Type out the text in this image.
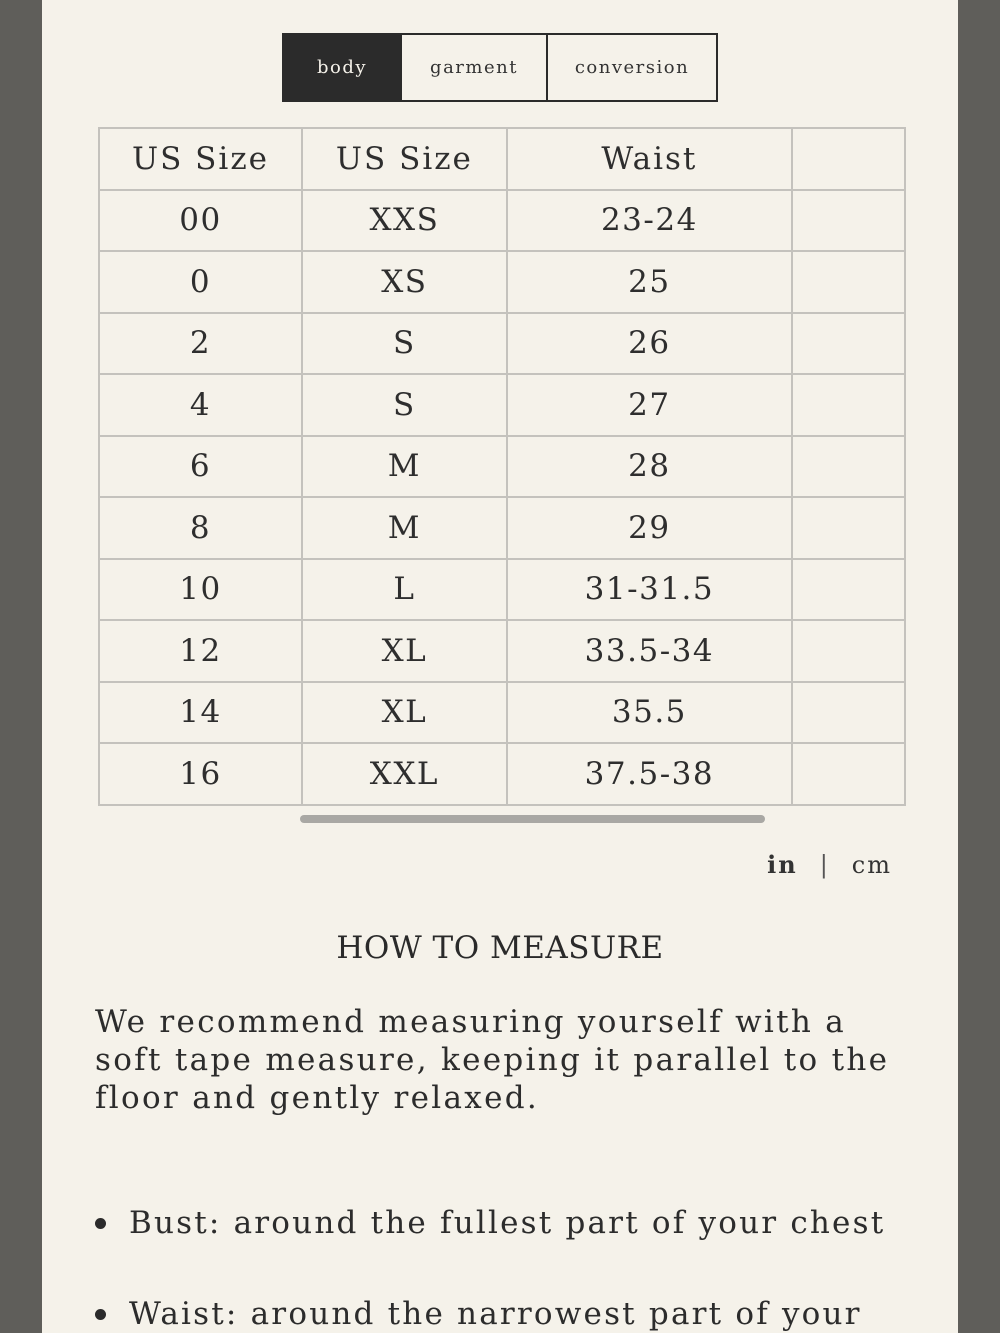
body	garment	conversion
US Size	US Size	Waist	
00	XXS	23-24	
0	XS	25	
2	S	26	
4	S	27	
6	M	28	
8	M	29	
10	L	31-31.5	
12	XL	33.5-34	
14	XL	35.5	
16	XXL	37.5-38	
in | cm
HOW TO MEASURE

We recommend measuring yourself with a soft tape measure, keeping it parallel to the floor and gently relaxed.

Bust: around the fullest part of your chest
Waist: around the narrowest part of your
